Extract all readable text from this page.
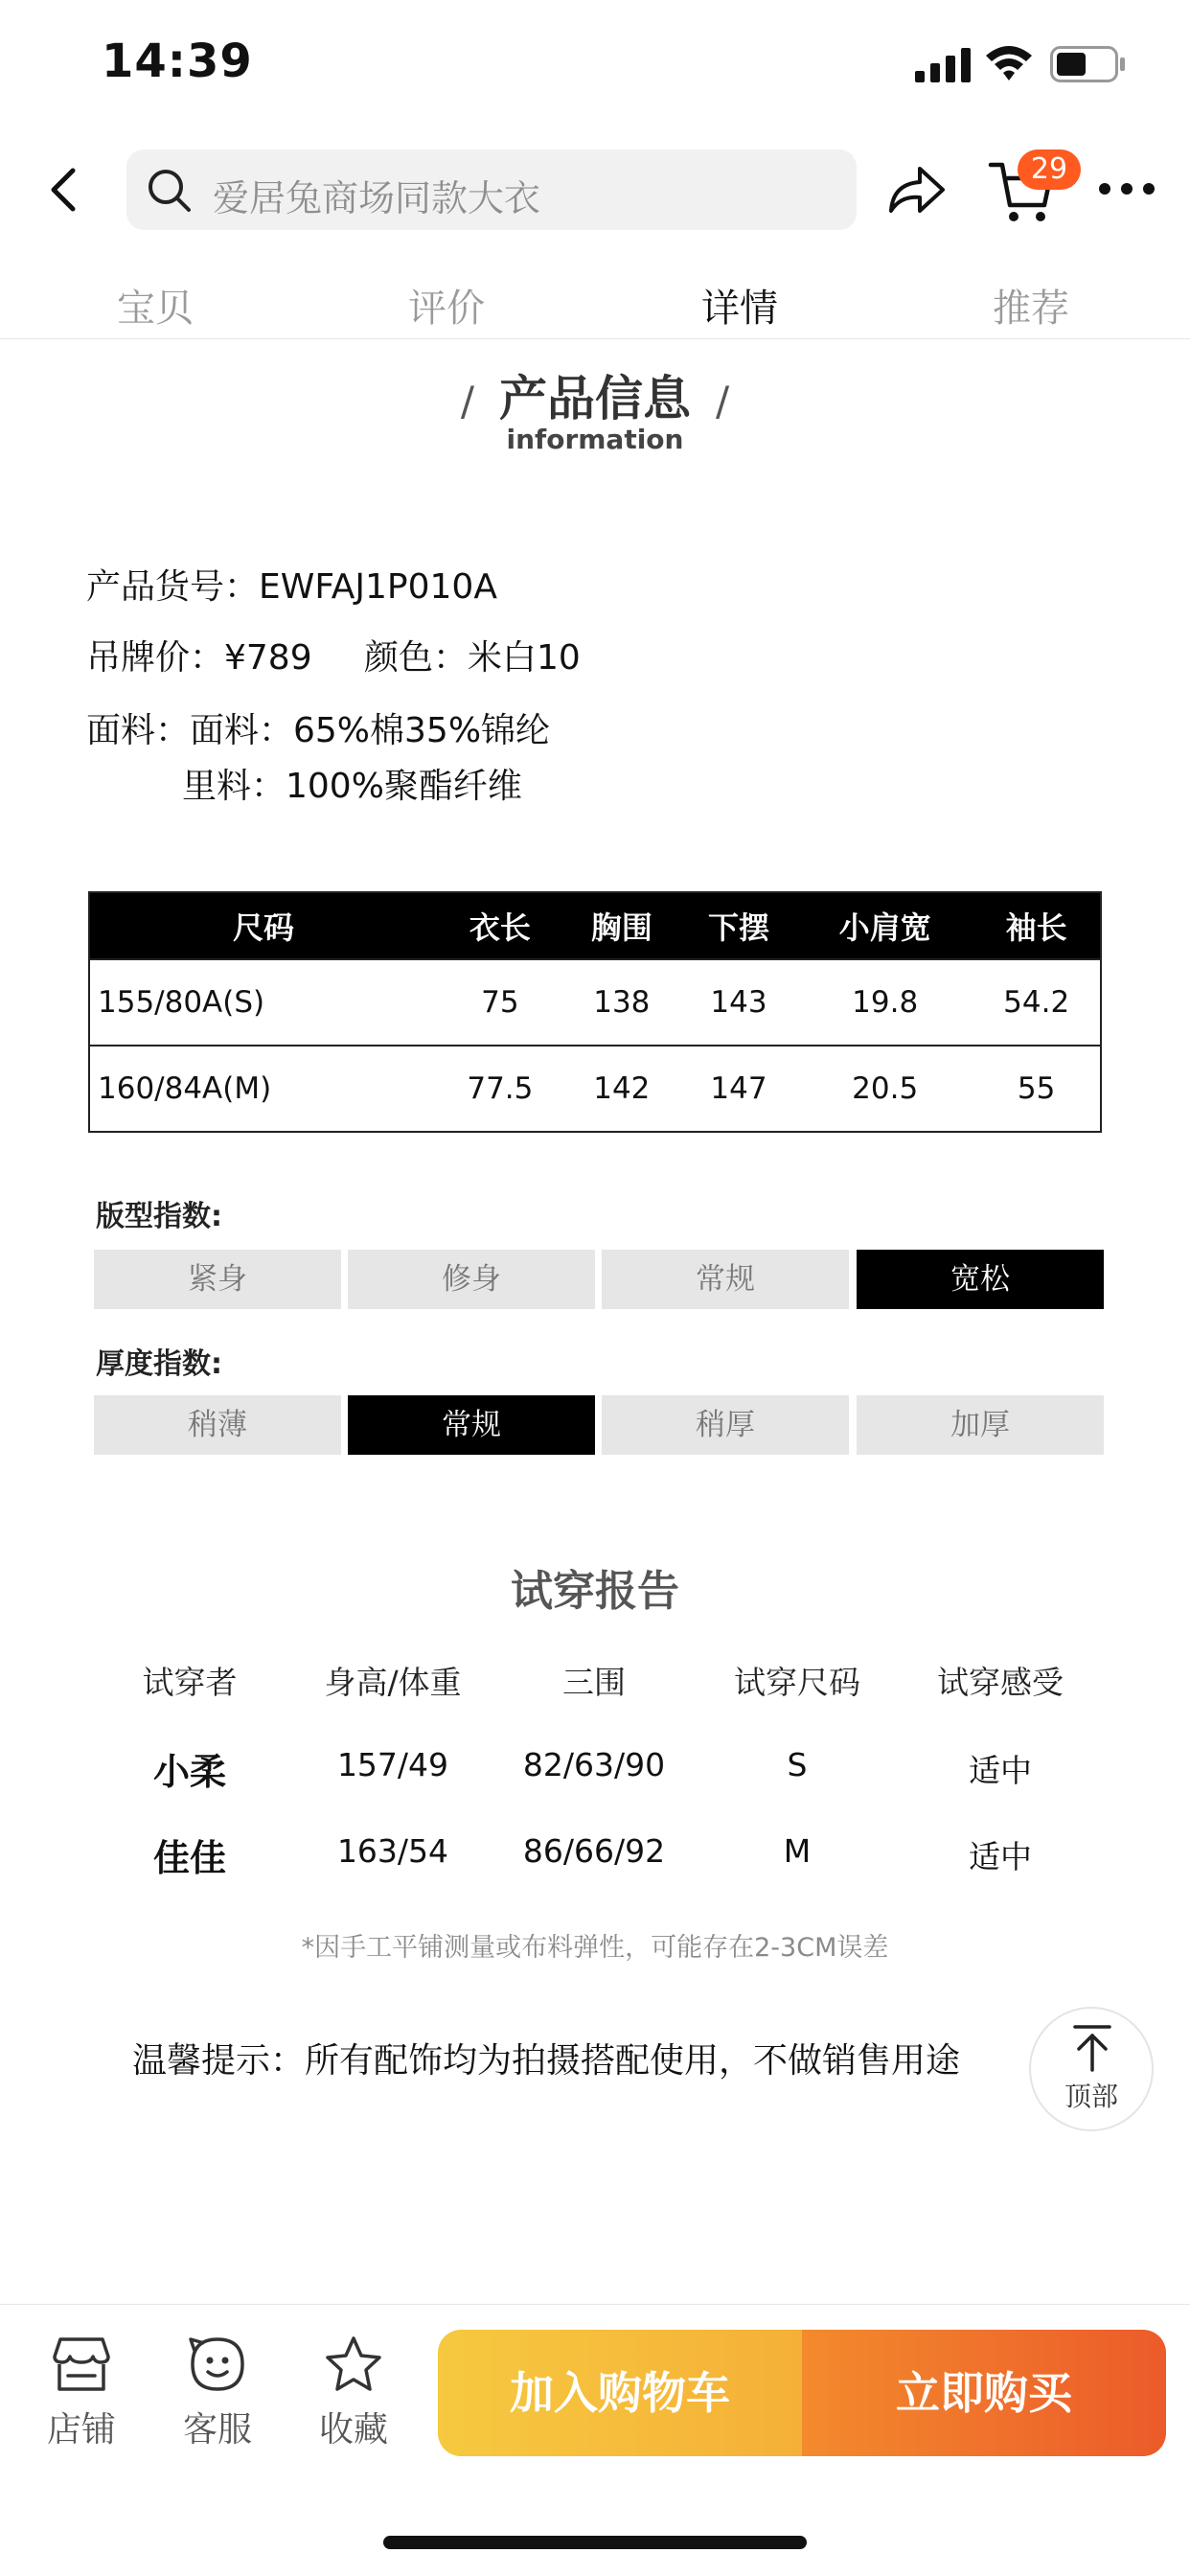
14:39
爱居兔商场同款大衣
29
宝贝	评价	详情	推荐
/ 产品信息 /
information
产品货号：EWFAJ1P010A
吊牌价：¥789 颜色：米白10
面料：面料：65%棉35%锦纶
里料：100%聚酯纤维
尺码	衣长	胸围	下摆	小肩宽	袖长
155/80A(S)	75	138	143	19.8	54.2
160/84A(M)	77.5	142	147	20.5	55
版型指数:
紧身	修身	常规	宽松
厚度指数:
稍薄	常规	稍厚	加厚
试穿报告
试穿者	身高/体重	三围	试穿尺码	试穿感受
小柔	157/49	82/63/90	S	适中
佳佳	163/54	86/66/92	M	适中
*因手工平铺测量或布料弹性，可能存在2-3CM误差
温馨提示：所有配饰均为拍摄搭配使用，不做销售用途
顶部
店铺	客服	收藏
加入购物车	立即购买
